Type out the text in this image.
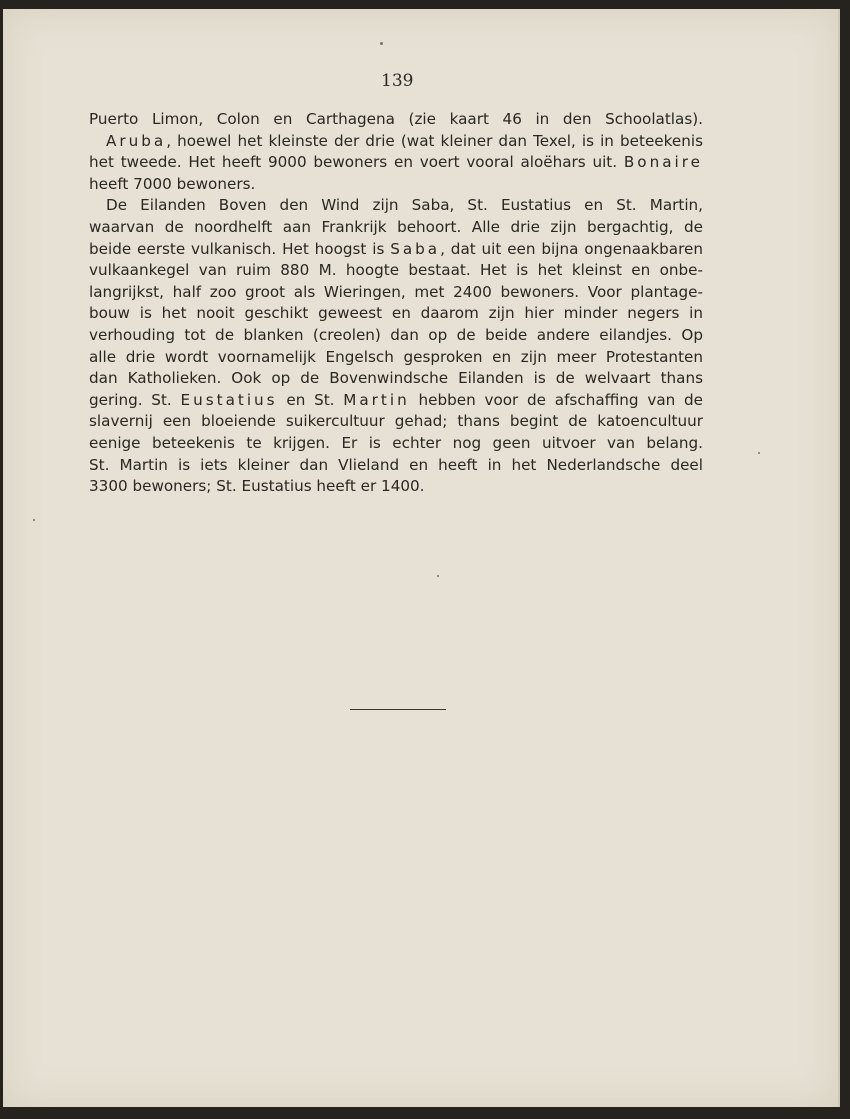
139

Puerto Limon, Colon en Carthagena (zie kaart 46 in den Schoolatlas).
Aruba, hoewel het kleinste der drie (wat kleiner dan Texel, is in beteekenis
het tweede. Het heeft 9000 bewoners en voert vooral aloëhars uit. Bonaire
heeft 7000 bewoners.

De Eilanden Boven den Wind zijn Saba, St. Eustatius en St. Martin,
waarvan de noordhelft aan Frankrijk behoort. Alle drie zijn bergachtig, de
beide eerste vulkanisch. Het hoogst is Saba, dat uit een bijna ongenaakbaren
vulkaankegel van ruim 880 M. hoogte bestaat. Het is het kleinst en onbe-
langrijkst, half zoo groot als Wieringen, met 2400 bewoners. Voor plantage-
bouw is het nooit geschikt geweest en daarom zijn hier minder negers in
verhouding tot de blanken (creolen) dan op de beide andere eilandjes. Op
alle drie wordt voornamelijk Engelsch gesproken en zijn meer Protestanten
dan Katholieken. Ook op de Bovenwindsche Eilanden is de welvaart thans
gering. St. Eustatius en St. Martin hebben voor de afschaffing van de
slavernij een bloeiende suikercultuur gehad; thans begint de katoencultuur
eenige beteekenis te krijgen. Er is echter nog geen uitvoer van belang.
St. Martin is iets kleiner dan Vlieland en heeft in het Nederlandsche deel
3300 bewoners; St. Eustatius heeft er 1400.
